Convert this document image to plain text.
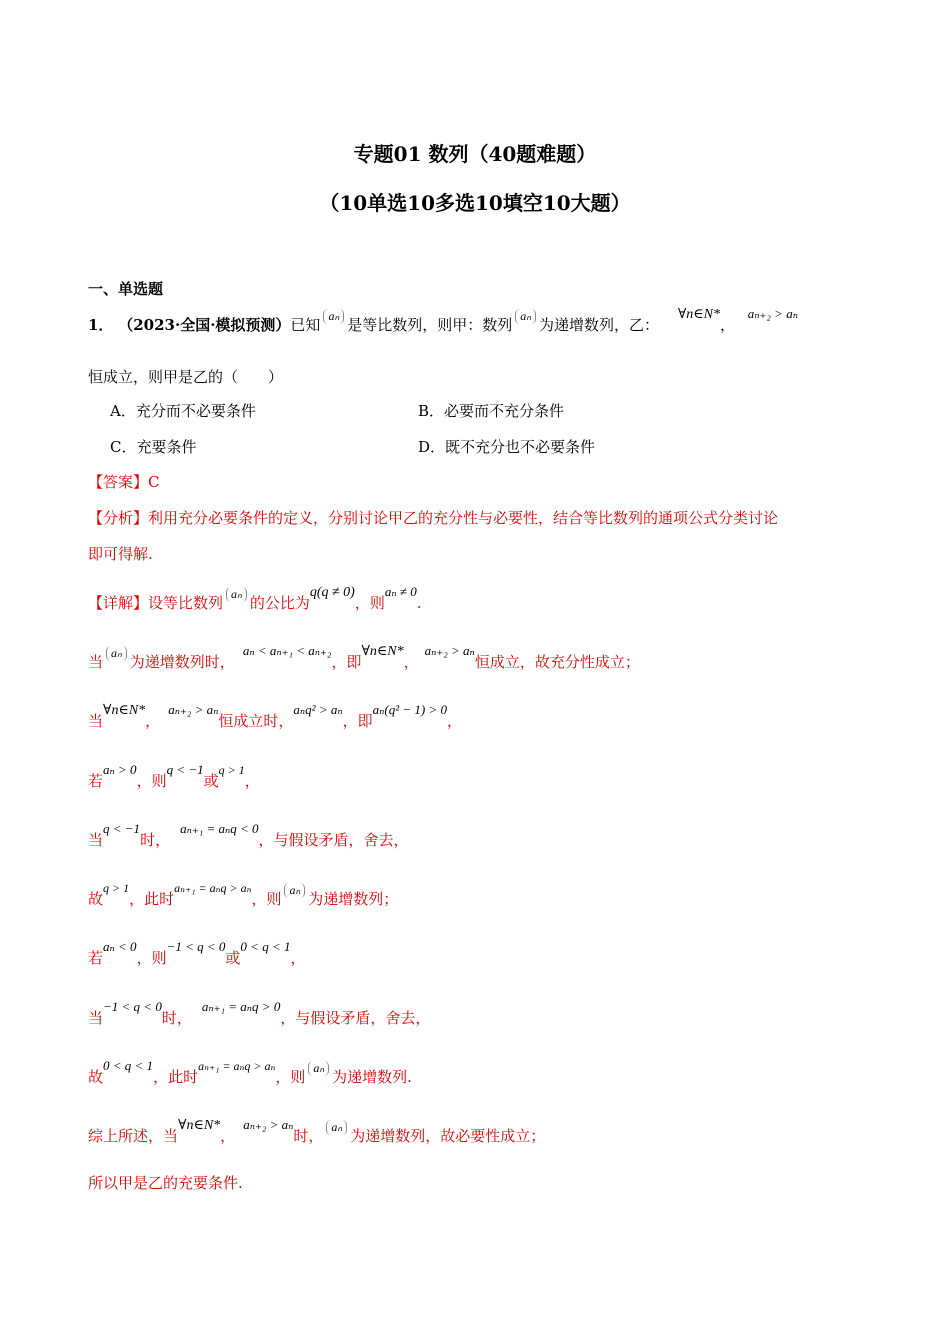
专题01 数列（40题难题）
（10单选10多选10填空10大题）
一、单选题
1． （2023·全国·模拟预测）已知 aₙ 是等比数列，则甲：数列 aₙ 为递增数列，乙： ∀n∈N*， aₙ₊₂ > aₙ
恒成立，则甲是乙的（　　）
A．充分而不必要条件	B．必要而不充分条件
C．充要条件	D．既不充分也不必要条件
【答案】C
【分析】利用充分必要条件的定义，分别讨论甲乙的充分性与必要性，结合等比数列的通项公式分类讨论
即可得解.
【详解】设等比数列 aₙ 的公比为q(q ≠ 0)，则aₙ ≠ 0.
当 aₙ 为递增数列时，aₙ < aₙ₊₁ < aₙ₊₂，即∀n∈N*，aₙ₊₂ > aₙ恒成立，故充分性成立；
当∀n∈N*，aₙ₊₂ > aₙ恒成立时，aₙq² > aₙ，即aₙ(q² − 1) > 0，
若aₙ > 0，则q < −1或$^{q > 1}$，
当q < −1时，aₙ₊₁ = aₙq < 0，与假设矛盾，舍去，
故$^{q > 1}$，此时$^{a_{n+1} = a_nq > a_n}$，则 aₙ 为递增数列；
若aₙ < 0，则−1 < q < 0或0 < q < 1，
当−1 < q < 0时，aₙ₊₁ = aₙq > 0，与假设矛盾，舍去，
故0 < q < 1，此时$^{a_{n+1} = a_nq > a_n}$，则 aₙ 为递增数列.
综上所述，当∀n∈N*，aₙ₊₂ > aₙ时， aₙ 为递增数列，故必要性成立；
所以甲是乙的充要条件.
